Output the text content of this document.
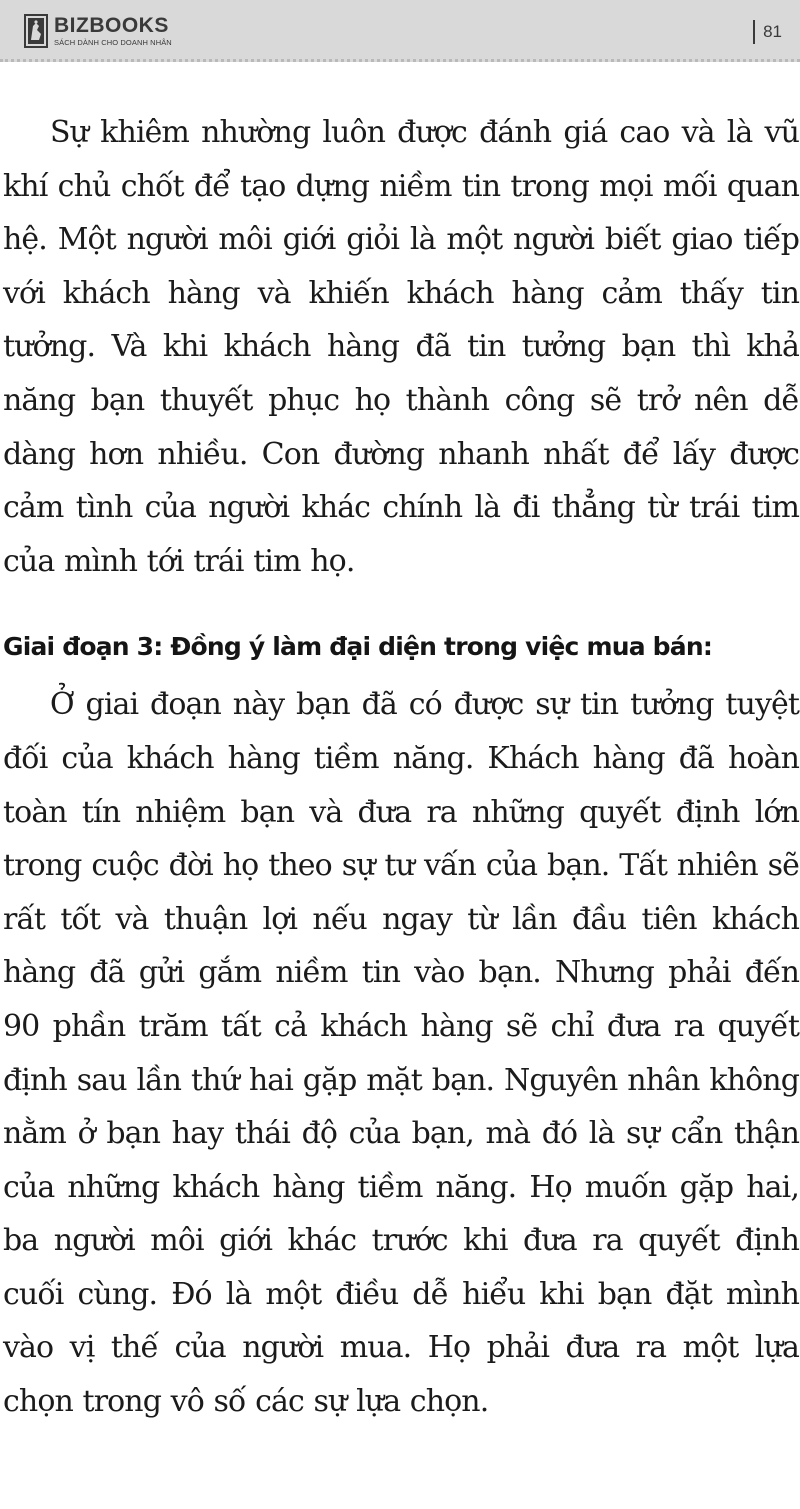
BIZBOOKS
SÁCH DÀNH CHO DOANH NHÂN
81

Sự khiêm nhường luôn được đánh giá cao và là vũ khí chủ chốt để tạo dựng niềm tin trong mọi mối quan hệ. Một người môi giới giỏi là một người biết giao tiếp với khách hàng và khiến khách hàng cảm thấy tin tưởng. Và khi khách hàng đã tin tưởng bạn thì khả năng bạn thuyết phục họ thành công sẽ trở nên dễ dàng hơn nhiều. Con đường nhanh nhất để lấy được cảm tình của người khác chính là đi thẳng từ trái tim của mình tới trái tim họ.

Giai đoạn 3: Đồng ý làm đại diện trong việc mua bán:

Ở giai đoạn này bạn đã có được sự tin tưởng tuyệt đối của khách hàng tiềm năng. Khách hàng đã hoàn toàn tín nhiệm bạn và đưa ra những quyết định lớn trong cuộc đời họ theo sự tư vấn của bạn. Tất nhiên sẽ rất tốt và thuận lợi nếu ngay từ lần đầu tiên khách hàng đã gửi gắm niềm tin vào bạn. Nhưng phải đến 90 phần trăm tất cả khách hàng sẽ chỉ đưa ra quyết định sau lần thứ hai gặp mặt bạn. Nguyên nhân không nằm ở bạn hay thái độ của bạn, mà đó là sự cẩn thận của những khách hàng tiềm năng. Họ muốn gặp hai, ba người môi giới khác trước khi đưa ra quyết định cuối cùng. Đó là một điều dễ hiểu khi bạn đặt mình vào vị thế của người mua. Họ phải đưa ra một lựa chọn trong vô số các sự lựa chọn.
